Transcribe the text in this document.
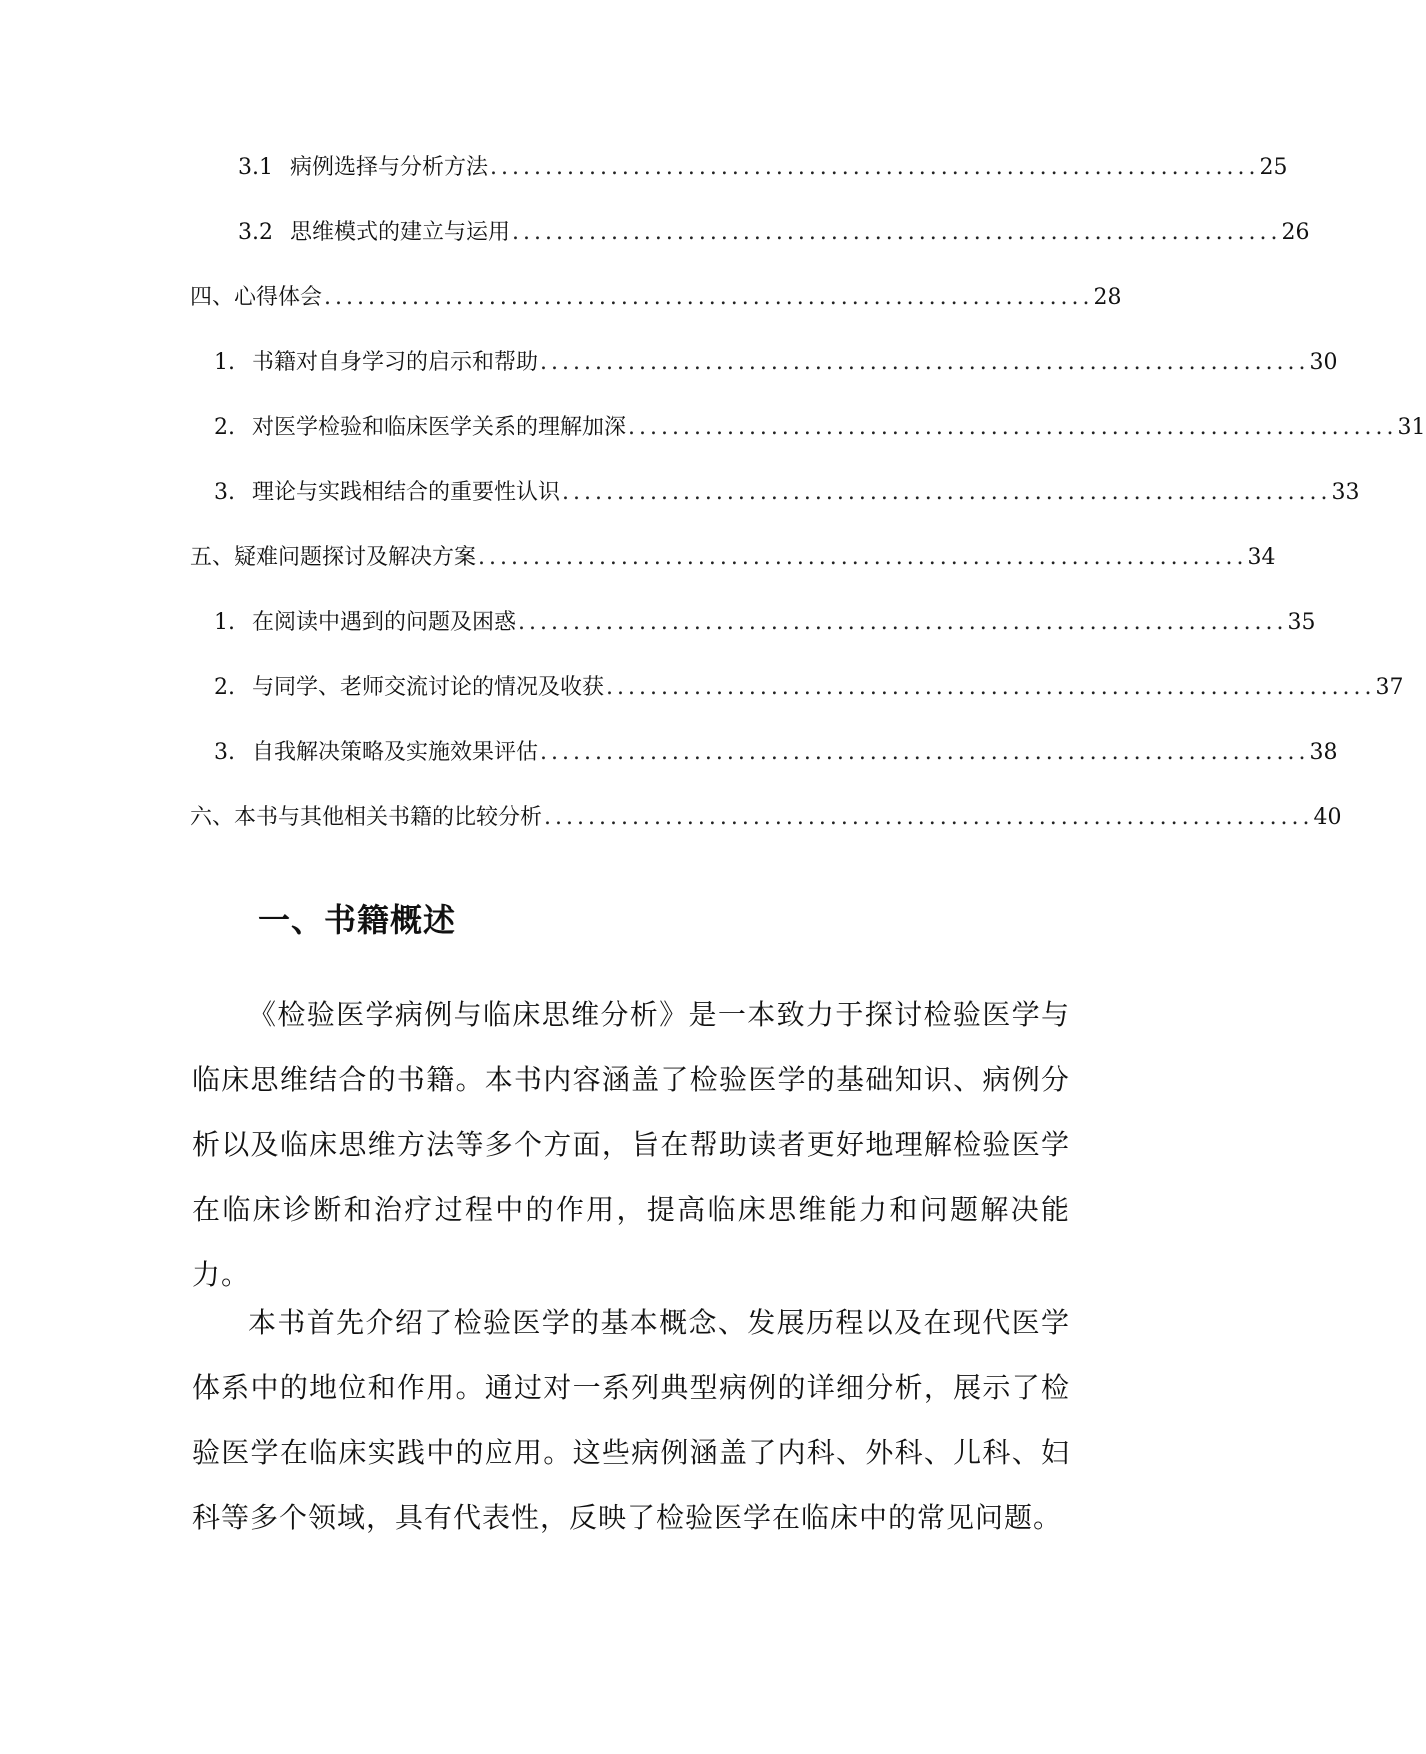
3.1 病例选择与分析方法 ...................................................................... 25
3.2 思维模式的建立与运用 ...................................................................... 26
四、心得体会 ...................................................................... 28
1. 书籍对自身学习的启示和帮助 ...................................................................... 30
2. 对医学检验和临床医学关系的理解加深 ...................................................................... 31
3. 理论与实践相结合的重要性认识 ...................................................................... 33
五、疑难问题探讨及解决方案 ...................................................................... 34
1. 在阅读中遇到的问题及困惑 ...................................................................... 35
2. 与同学、老师交流讨论的情况及收获 ...................................................................... 37
3. 自我解决策略及实施效果评估 ...................................................................... 38
六、本书与其他相关书籍的比较分析 ...................................................................... 40
一、书籍概述

《检验医学病例与临床思维分析》是一本致力于探讨检验医学与临床思维结合的书籍。本书内容涵盖了检验医学的基础知识、病例分析以及临床思维方法等多个方面，旨在帮助读者更好地理解检验医学在临床诊断和治疗过程中的作用，提高临床思维能力和问题解决能力。

本书首先介绍了检验医学的基本概念、发展历程以及在现代医学体系中的地位和作用。通过对一系列典型病例的详细分析，展示了检验医学在临床实践中的应用。这些病例涵盖了内科、外科、儿科、妇科等多个领域，具有代表性，反映了检验医学在临床中的常见问题。
